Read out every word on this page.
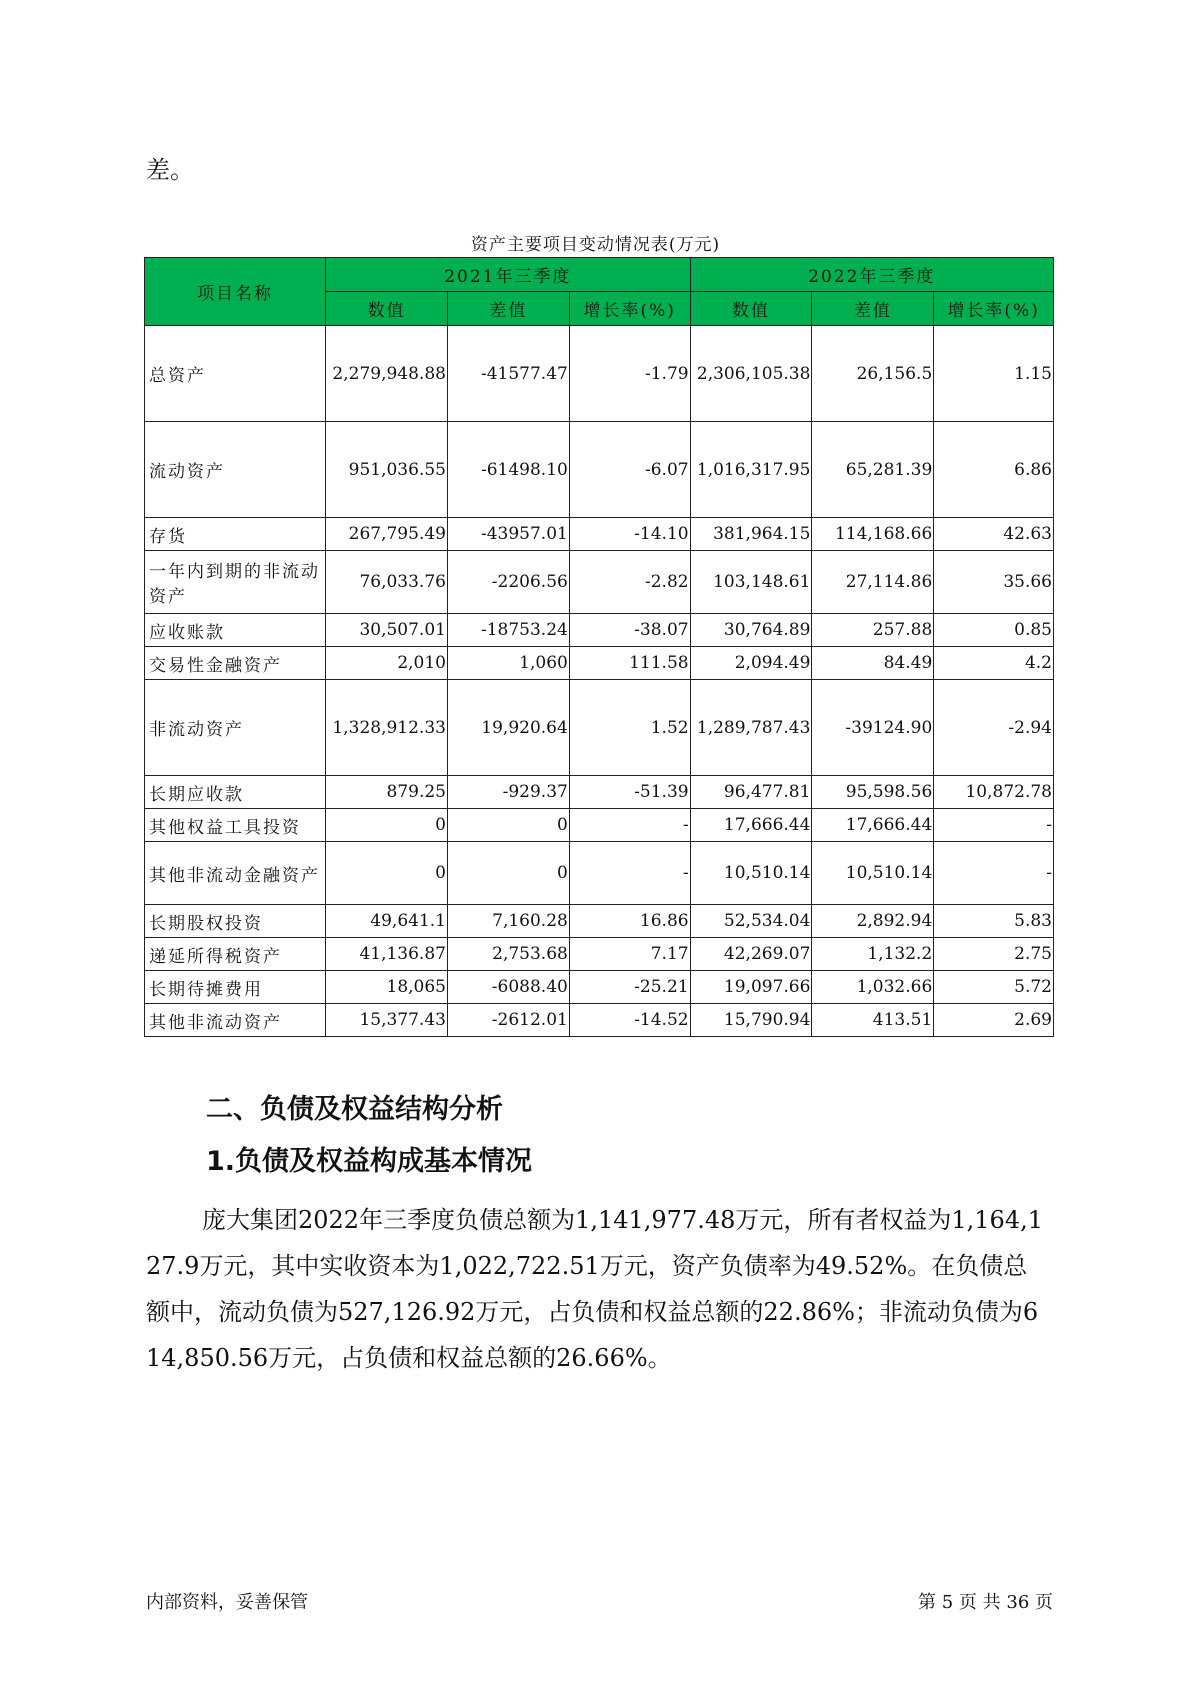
差。
资产主要项目变动情况表(万元)
项目名称	2021年三季度			2022年三季度		
	数值	差值	增长率(%)	数值	差值	增长率(%)
总资产	2,279,948.88	-41577.47	-1.79	2,306,105.38	26,156.5	1.15
流动资产	951,036.55	-61498.10	-6.07	1,016,317.95	65,281.39	6.86
存货	267,795.49	-43957.01	-14.10	381,964.15	114,168.66	42.63
一年内到期的非流动资产	76,033.76	-2206.56	-2.82	103,148.61	27,114.86	35.66
应收账款	30,507.01	-18753.24	-38.07	30,764.89	257.88	0.85
交易性金融资产	2,010	1,060	111.58	2,094.49	84.49	4.2
非流动资产	1,328,912.33	19,920.64	1.52	1,289,787.43	-39124.90	-2.94
长期应收款	879.25	-929.37	-51.39	96,477.81	95,598.56	10,872.78
其他权益工具投资	0	0	-	17,666.44	17,666.44	-
其他非流动金融资产	0	0	-	10,510.14	10,510.14	-
长期股权投资	49,641.1	7,160.28	16.86	52,534.04	2,892.94	5.83
递延所得税资产	41,136.87	2,753.68	7.17	42,269.07	1,132.2	2.75
长期待摊费用	18,065	-6088.40	-25.21	19,097.66	1,032.66	5.72
其他非流动资产	15,377.43	-2612.01	-14.52	15,790.94	413.51	2.69
二、负债及权益结构分析
1.负债及权益构成基本情况
庞大集团2022年三季度负债总额为1,141,977.48万元，所有者权益为1,164,127.9万元，其中实收资本为1,022,722.51万元，资产负债率为49.52%。在负债总额中，流动负债为527,126.92万元，占负债和权益总额的22.86%；非流动负债为614,850.56万元，占负债和权益总额的26.66%。
内部资料，妥善保管	第 5 页 共 36 页
